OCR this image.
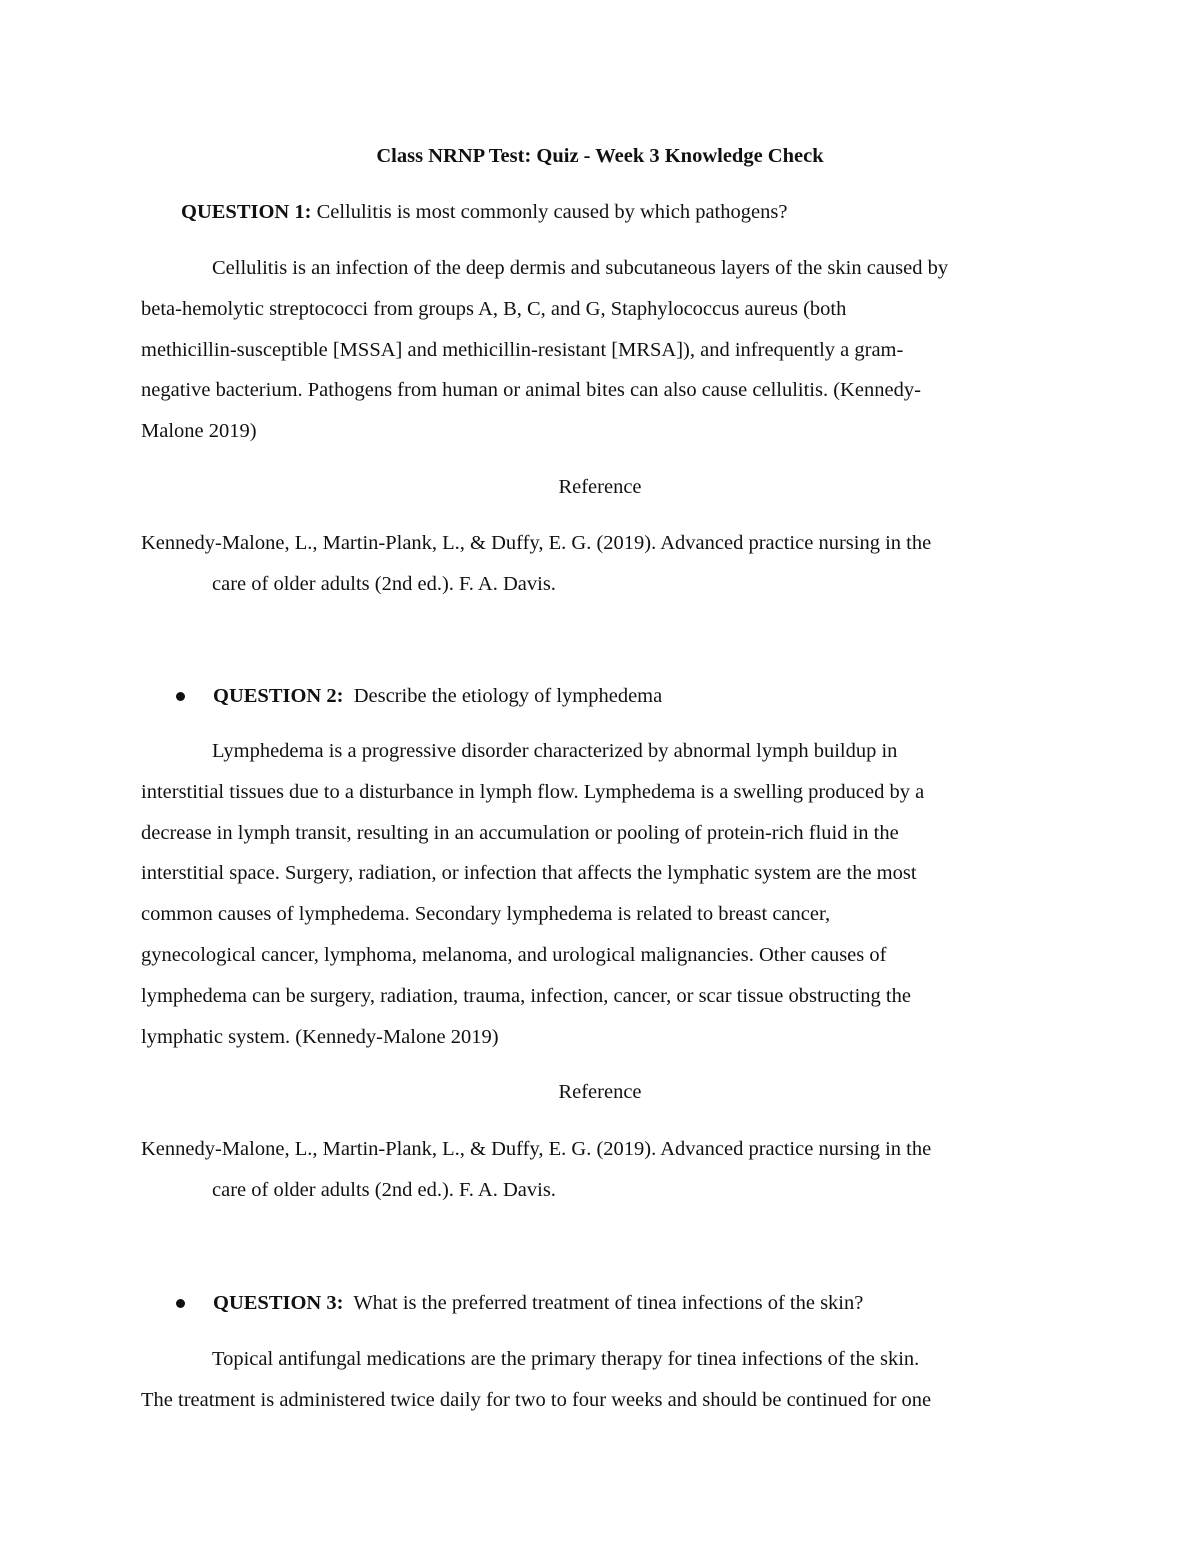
Class NRNP Test: Quiz - Week 3 Knowledge Check

QUESTION 1: Cellulitis is most commonly caused by which pathogens?

Cellulitis is an infection of the deep dermis and subcutaneous layers of the skin caused by
beta-hemolytic streptococci from groups A, B, C, and G, Staphylococcus aureus (both
methicillin-susceptible [MSSA] and methicillin-resistant [MRSA]), and infrequently a gram-
negative bacterium. Pathogens from human or animal bites can also cause cellulitis. (Kennedy-
Malone 2019)

Reference

Kennedy-Malone, L., Martin-Plank, L., & Duffy, E. G. (2019). Advanced practice nursing in the
care of older adults (2nd ed.). F. A. Davis.

QUESTION 2: Describe the etiology of lymphedema

Lymphedema is a progressive disorder characterized by abnormal lymph buildup in
interstitial tissues due to a disturbance in lymph flow. Lymphedema is a swelling produced by a
decrease in lymph transit, resulting in an accumulation or pooling of protein-rich fluid in the
interstitial space. Surgery, radiation, or infection that affects the lymphatic system are the most
common causes of lymphedema. Secondary lymphedema is related to breast cancer,
gynecological cancer, lymphoma, melanoma, and urological malignancies. Other causes of
lymphedema can be surgery, radiation, trauma, infection, cancer, or scar tissue obstructing the
lymphatic system. (Kennedy-Malone 2019)

Reference

Kennedy-Malone, L., Martin-Plank, L., & Duffy, E. G. (2019). Advanced practice nursing in the
care of older adults (2nd ed.). F. A. Davis.

QUESTION 3: What is the preferred treatment of tinea infections of the skin?

Topical antifungal medications are the primary therapy for tinea infections of the skin.
The treatment is administered twice daily for two to four weeks and should be continued for one
